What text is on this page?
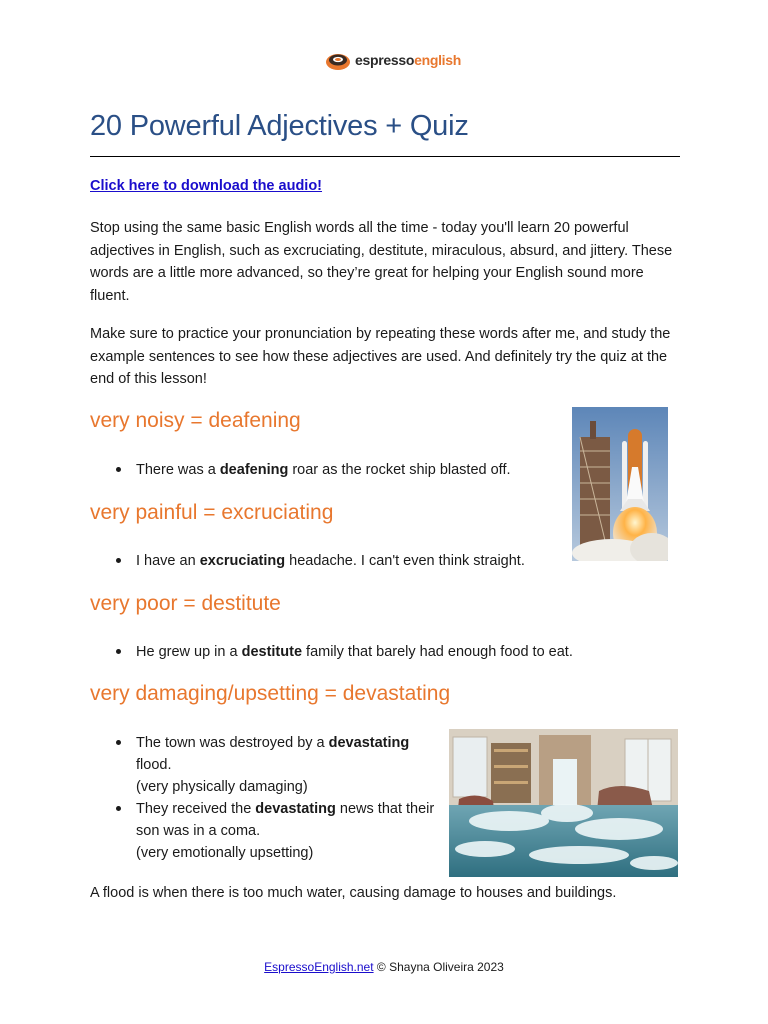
espressoenglish
20 Powerful Adjectives + Quiz
Click here to download the audio!

Stop using the same basic English words all the time - today you'll learn 20 powerful adjectives in English, such as excruciating, destitute, miraculous, absurd, and jittery. These words are a little more advanced, so they’re great for helping your English sound more fluent.

Make sure to practice your pronunciation by repeating these words after me, and study the example sentences to see how these adjectives are used. And definitely try the quiz at the end of this lesson!

very noisy = deafening
There was a deafening roar as the rocket ship blasted off.
very painful = excruciating
I have an excruciating headache. I can't even think straight.
very poor = destitute
He grew up in a destitute family that barely had enough food to eat.
very damaging/upsetting = devastating
The town was destroyed by a devastating flood.
(very physically damaging)
They received the devastating news that their son was in a coma.
(very emotionally upsetting)

A flood is when there is too much water, causing damage to houses and buildings.

EspressoEnglish.net © Shayna Oliveira 2023
